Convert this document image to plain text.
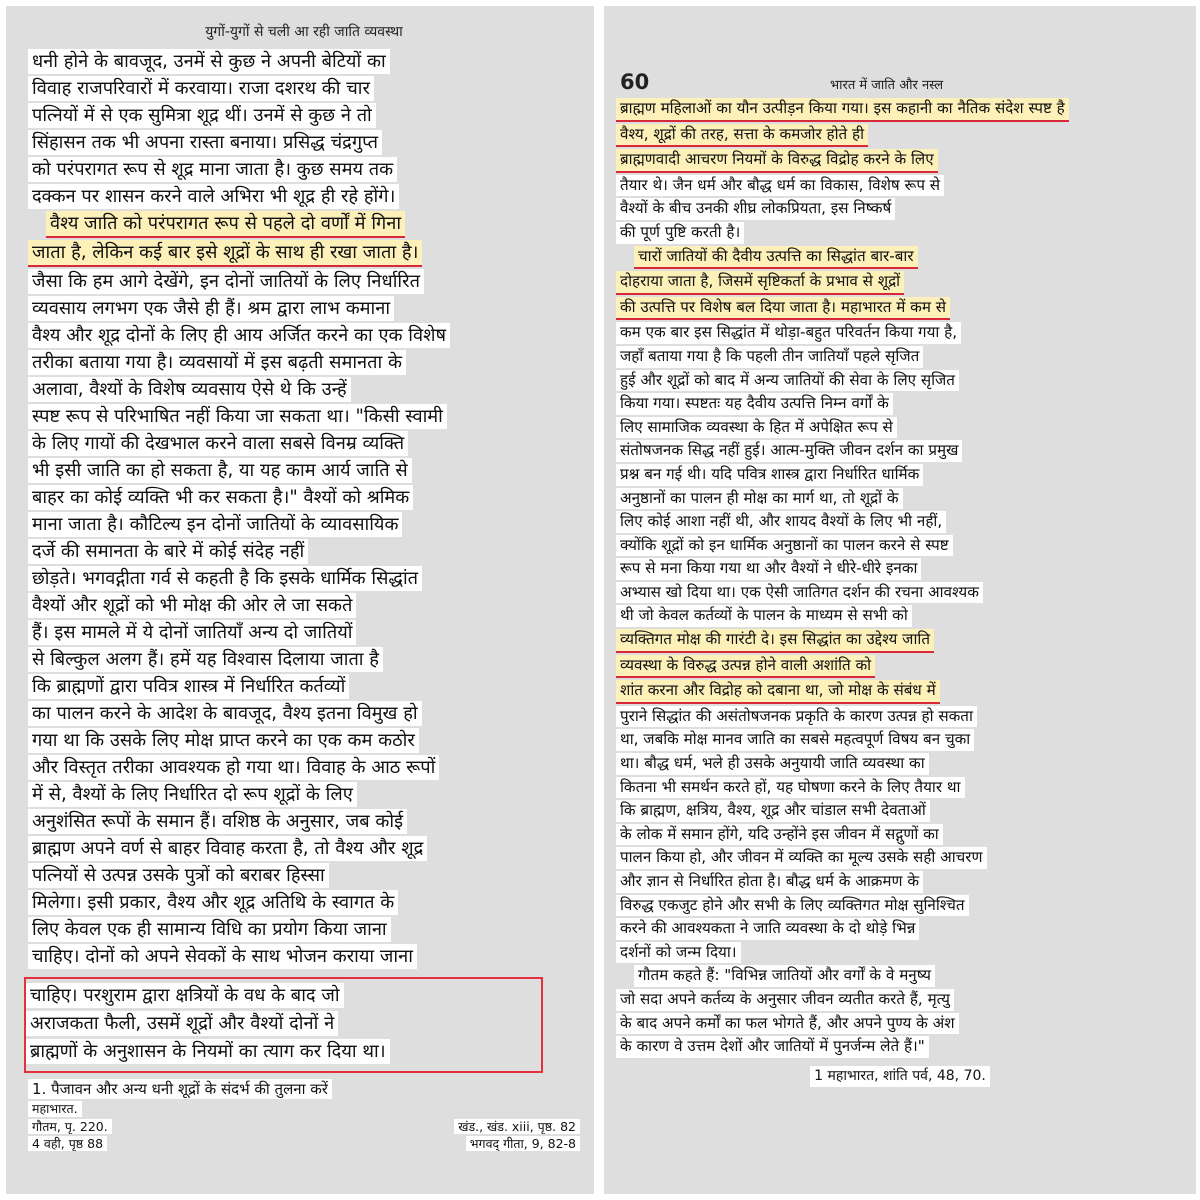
युगों-युगों से चली आ रही जाति व्यवस्था
धनी होने के बावजूद, उनमें से कुछ ने अपनी बेटियों का
विवाह राजपरिवारों में करवाया। राजा दशरथ की चार
पत्नियों में से एक सुमित्रा शूद्र थीं। उनमें से कुछ ने तो
सिंहासन तक भी अपना रास्ता बनाया। प्रसिद्ध चंद्रगुप्त
को परंपरागत रूप से शूद्र माना जाता है। कुछ समय तक
दक्कन पर शासन करने वाले अभिरा भी शूद्र ही रहे होंगे।
वैश्य जाति को परंपरागत रूप से पहले दो वर्णों में गिना
जाता है, लेकिन कई बार इसे शूद्रों के साथ ही रखा जाता है।
जैसा कि हम आगे देखेंगे, इन दोनों जातियों के लिए निर्धारित
व्यवसाय लगभग एक जैसे ही हैं। श्रम द्वारा लाभ कमाना
वैश्य और शूद्र दोनों के लिए ही आय अर्जित करने का एक विशेष
तरीका बताया गया है। व्यवसायों में इस बढ़ती समानता के
अलावा, वैश्यों के विशेष व्यवसाय ऐसे थे कि उन्हें
स्पष्ट रूप से परिभाषित नहीं किया जा सकता था। "किसी स्वामी
के लिए गायों की देखभाल करने वाला सबसे विनम्र व्यक्ति
भी इसी जाति का हो सकता है, या यह काम आर्य जाति से
बाहर का कोई व्यक्ति भी कर सकता है।" वैश्यों को श्रमिक
माना जाता है। कौटिल्य इन दोनों जातियों के व्यावसायिक
दर्जे की समानता के बारे में कोई संदेह नहीं
छोड़ते। भगवद्गीता गर्व से कहती है कि इसके धार्मिक सिद्धांत
वैश्यों और शूद्रों को भी मोक्ष की ओर ले जा सकते
हैं। इस मामले में ये दोनों जातियाँ अन्य दो जातियों
से बिल्कुल अलग हैं। हमें यह विश्वास दिलाया जाता है
कि ब्राह्मणों द्वारा पवित्र शास्त्र में निर्धारित कर्तव्यों
का पालन करने के आदेश के बावजूद, वैश्य इतना विमुख हो
गया था कि उसके लिए मोक्ष प्राप्त करने का एक कम कठोर
और विस्तृत तरीका आवश्यक हो गया था। विवाह के आठ रूपों
में से, वैश्यों के लिए निर्धारित दो रूप शूद्रों के लिए
अनुशंसित रूपों के समान हैं। वशिष्ठ के अनुसार, जब कोई
ब्राह्मण अपने वर्ण से बाहर विवाह करता है, तो वैश्य और शूद्र
पत्नियों से उत्पन्न उसके पुत्रों को बराबर हिस्सा
मिलेगा। इसी प्रकार, वैश्य और शूद्र अतिथि के स्वागत के
लिए केवल एक ही सामान्य विधि का प्रयोग किया जाना
चाहिए। दोनों को अपने सेवकों के साथ भोजन कराया जाना
चाहिए। परशुराम द्वारा क्षत्रियों के वध के बाद जो
अराजकता फैली, उसमें शूद्रों और वैश्यों दोनों ने
ब्राह्मणों के अनुशासन के नियमों का त्याग कर दिया था।
1. पैजावन और अन्य धनी शूद्रों के संदर्भ की तुलना करें
महाभारत.
गौतम, पृ. 220.	खंड., खंड. xiii, पृष्ठ. 82
4 वही, पृष्ठ 88	भगवद् गीता, 9, 82-8
60	भारत में जाति और नस्ल
ब्राह्मण महिलाओं का यौन उत्पीड़न किया गया। इस कहानी का नैतिक संदेश स्पष्ट है
वैश्य, शूद्रों की तरह, सत्ता के कमजोर होते ही
ब्राह्मणवादी आचरण नियमों के विरुद्ध विद्रोह करने के लिए
तैयार थे। जैन धर्म और बौद्ध धर्म का विकास, विशेष रूप से
वैश्यों के बीच उनकी शीघ्र लोकप्रियता, इस निष्कर्ष
की पूर्ण पुष्टि करती है।
चारों जातियों की दैवीय उत्पत्ति का सिद्धांत बार-बार
दोहराया जाता है, जिसमें सृष्टिकर्ता के प्रभाव से शूद्रों
की उत्पत्ति पर विशेष बल दिया जाता है। महाभारत में कम से
कम एक बार इस सिद्धांत में थोड़ा-बहुत परिवर्तन किया गया है,
जहाँ बताया गया है कि पहली तीन जातियाँ पहले सृजित
हुई और शूद्रों को बाद में अन्य जातियों की सेवा के लिए सृजित
किया गया। स्पष्टतः यह दैवीय उत्पत्ति निम्न वर्गों के
लिए सामाजिक व्यवस्था के हित में अपेक्षित रूप से
संतोषजनक सिद्ध नहीं हुई। आत्म-मुक्ति जीवन दर्शन का प्रमुख
प्रश्न बन गई थी। यदि पवित्र शास्त्र द्वारा निर्धारित धार्मिक
अनुष्ठानों का पालन ही मोक्ष का मार्ग था, तो शूद्रों के
लिए कोई आशा नहीं थी, और शायद वैश्यों के लिए भी नहीं,
क्योंकि शूद्रों को इन धार्मिक अनुष्ठानों का पालन करने से स्पष्ट
रूप से मना किया गया था और वैश्यों ने धीरे-धीरे इनका
अभ्यास खो दिया था। एक ऐसी जातिगत दर्शन की रचना आवश्यक
थी जो केवल कर्तव्यों के पालन के माध्यम से सभी को
व्यक्तिगत मोक्ष की गारंटी दे। इस सिद्धांत का उद्देश्य जाति
व्यवस्था के विरुद्ध उत्पन्न होने वाली अशांति को
शांत करना और विद्रोह को दबाना था, जो मोक्ष के संबंध में
पुराने सिद्धांत की असंतोषजनक प्रकृति के कारण उत्पन्न हो सकता
था, जबकि मोक्ष मानव जाति का सबसे महत्वपूर्ण विषय बन चुका
था। बौद्ध धर्म, भले ही उसके अनुयायी जाति व्यवस्था का
कितना भी समर्थन करते हों, यह घोषणा करने के लिए तैयार था
कि ब्राह्मण, क्षत्रिय, वैश्य, शूद्र और चांडाल सभी देवताओं
के लोक में समान होंगे, यदि उन्होंने इस जीवन में सद्गुणों का
पालन किया हो, और जीवन में व्यक्ति का मूल्य उसके सही आचरण
और ज्ञान से निर्धारित होता है। बौद्ध धर्म के आक्रमण के
विरुद्ध एकजुट होने और सभी के लिए व्यक्तिगत मोक्ष सुनिश्चित
करने की आवश्यकता ने जाति व्यवस्था के दो थोड़े भिन्न
दर्शनों को जन्म दिया।
गौतम कहते हैं: "विभिन्न जातियों और वर्गों के वे मनुष्य
जो सदा अपने कर्तव्य के अनुसार जीवन व्यतीत करते हैं, मृत्यु
के बाद अपने कर्मों का फल भोगते हैं, और अपने पुण्य के अंश
के कारण वे उत्तम देशों और जातियों में पुनर्जन्म लेते हैं।"
1 महाभारत, शांति पर्व, 48, 70.
